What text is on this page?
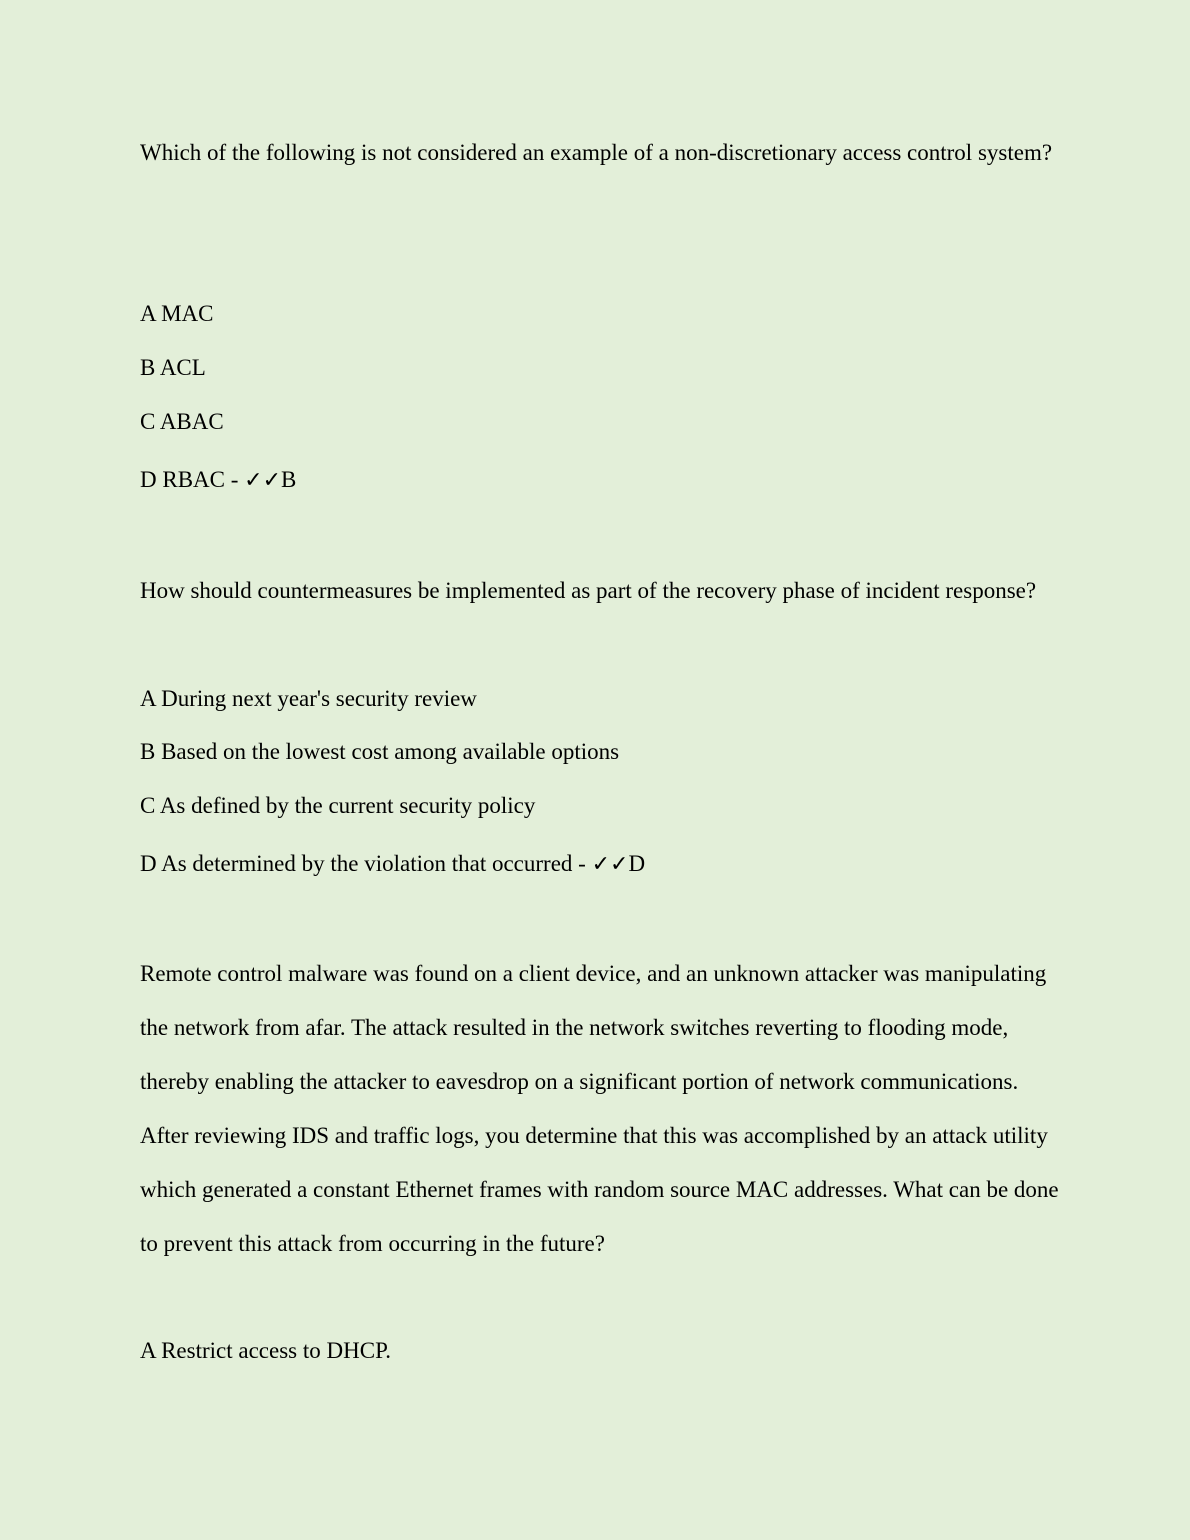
Which of the following is not considered an example of a non-discretionary access control system?

A MAC

B ACL

C ABAC

D RBAC - ✓✓B

How should countermeasures be implemented as part of the recovery phase of incident response?

A During next year's security review

B Based on the lowest cost among available options

C As defined by the current security policy

D As determined by the violation that occurred - ✓✓D

Remote control malware was found on a client device, and an unknown attacker was manipulating the network from afar. The attack resulted in the network switches reverting to flooding mode, thereby enabling the attacker to eavesdrop on a significant portion of network communications. After reviewing IDS and traffic logs, you determine that this was accomplished by an attack utility which generated a constant Ethernet frames with random source MAC addresses. What can be done to prevent this attack from occurring in the future?

A Restrict access to DHCP.
